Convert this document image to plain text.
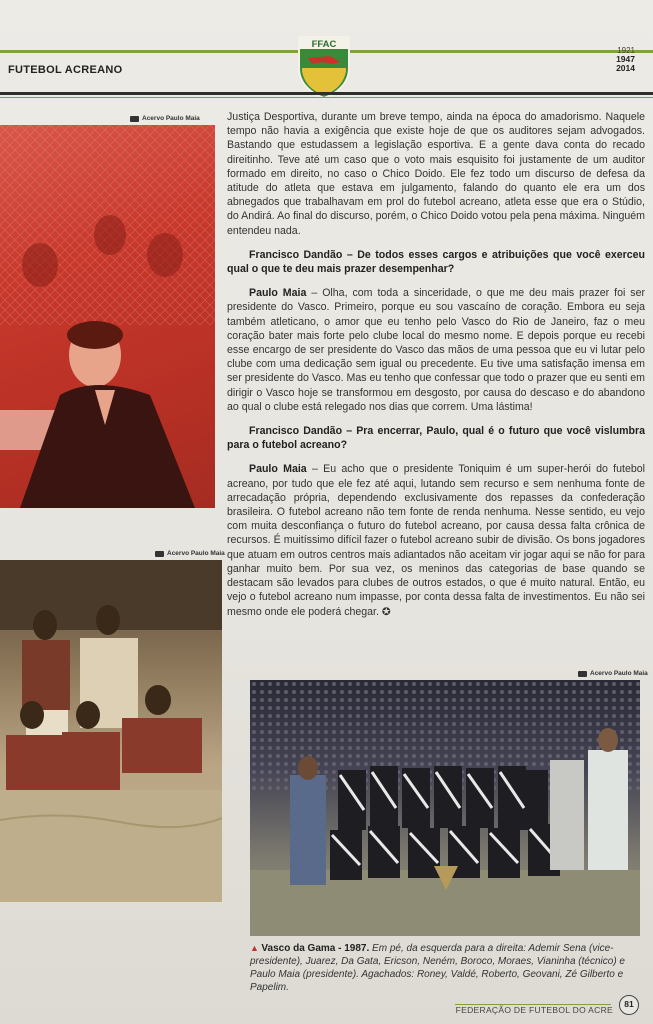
FUTEBOL ACREANO
FFAC
1921
1947
2014
Acervo Paulo Maia
Acervo Paulo Maia
Acervo Paulo Maia

Justiça Desportiva, durante um breve tempo, ainda na época do amadorismo. Naquele tempo não havia a exigência que existe hoje de que os auditores sejam advogados. Bastando que estudassem a legislação esportiva. E a gente dava conta do recado direitinho. Teve até um caso que o voto mais esquisito foi justamente de um auditor formado em direito, no caso o Chico Doido. Ele fez todo um discurso de defesa da atitude do atleta que estava em julgamento, falando do quanto ele era um dos abnegados que trabalhavam em prol do futebol acreano, atleta esse que era o Stúdio, do Andirá. Ao final do discurso, porém, o Chico Doido votou pela pena máxima. Ninguém entendeu nada.

Francisco Dandão – De todos esses cargos e atribuições que você exerceu qual o que te deu mais prazer desempenhar?

Paulo Maia – Olha, com toda a sinceridade, o que me deu mais prazer foi ser presidente do Vasco. Primeiro, porque eu sou vascaíno de coração. Embora eu seja também atleticano, o amor que eu tenho pelo Vasco do Rio de Janeiro, faz o meu coração bater mais forte pelo clube local do mesmo nome. E depois porque eu recebi esse encargo de ser presidente do Vasco das mãos de uma pessoa que eu vi lutar pelo clube com uma dedicação sem igual ou precedente. Eu tive uma satisfação imensa em ser presidente do Vasco. Mas eu tenho que confessar que todo o prazer que eu senti em dirigir o Vasco hoje se transformou em desgosto, por causa do descaso e do abandono ao qual o clube está relegado nos dias que correm. Uma lástima!

Francisco Dandão – Pra encerrar, Paulo, qual é o futuro que você vislumbra para o futebol acreano?

Paulo Maia – Eu acho que o presidente Toniquim é um super-herói do futebol acreano, por tudo que ele fez até aqui, lutando sem recurso e sem nenhuma fonte de arrecadação própria, dependendo exclusivamente dos repasses da confederação brasileira. O futebol acreano não tem fonte de renda nenhuma. Nesse sentido, eu vejo com muita desconfiança o futuro do futebol acreano, por causa dessa falta crônica de recursos. É muitíssimo difícil fazer o futebol acreano subir de divisão. Os bons jogadores que atuam em outros centros mais adiantados não aceitam vir jogar aqui se não for para ganhar muito bem. Por sua vez, os meninos das categorias de base quando se destacam são levados para clubes de outros estados, o que é muito natural. Então, eu vejo o futebol acreano num impasse, por conta dessa falta de investimentos. Eu não sei mesmo onde ele poderá chegar. ✪

▲ Vasco da Gama - 1987. Em pé, da esquerda para a direita: Ademir Sena (vice-presidente), Juarez, Da Gata, Ericson, Neném, Boroco, Moraes, Vianinha (técnico) e Paulo Maia (presidente). Agachados: Roney, Valdé, Roberto, Geovani, Zé Gilberto e Papelim.
FEDERAÇÃO DE FUTEBOL DO ACRE
81
